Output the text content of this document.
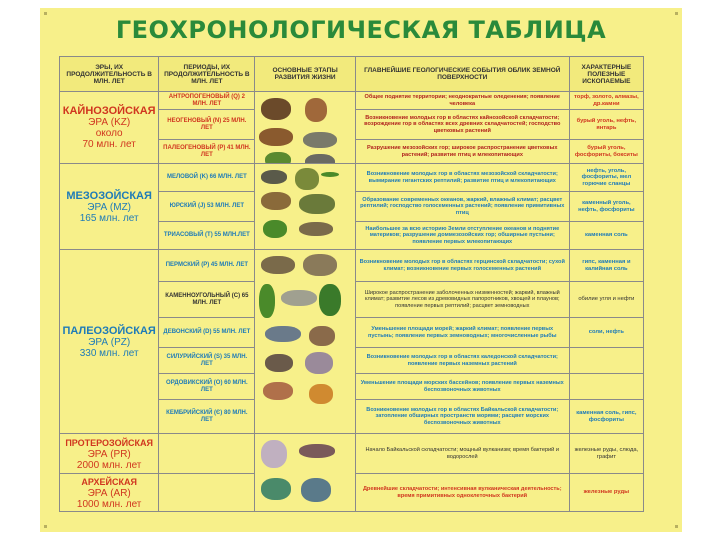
ГЕОХРОНОЛОГИЧЕСКАЯ ТАБЛИЦА
ЭРЫ, ИХ ПРОДОЛЖИТЕЛЬНОСТЬ В МЛН. ЛЕТ	ПЕРИОДЫ, ИХ ПРОДОЛЖИТЕЛЬНОСТЬ В МЛН. ЛЕТ	ОСНОВНЫЕ ЭТАПЫ РАЗВИТИЯ ЖИЗНИ	ГЛАВНЕЙШИЕ ГЕОЛОГИЧЕСКИЕ СОБЫТИЯ ОБЛИК ЗЕМНОЙ ПОВЕРХНОСТИ	ХАРАКТЕРНЫЕ ПОЛЕЗНЫЕ ИСКОПАЕМЫЕ

КАЙНОЗОЙСКАЯ
ЭРА (KZ)
около
70 млн. лет	АНТРОПОГЕНОВЫЙ (Q) 2 МЛН. ЛЕТ		Общее поднятие территории; неоднократные оледенения; появление человека	торф, золото, алмазы, др.камни
	НЕОГЕНОВЫЙ (N) 25 МЛН. ЛЕТ		Возникновение молодых гор в областях кайнозойской складчатости; возрождение гор в областях всех древних складчатостей; господство цветковых растений	бурый уголь, нефть, янтарь
	ПАЛЕОГЕНОВЫЙ (P) 41 МЛН. ЛЕТ		Разрушение мезозойских гор; широкое распространение цветковых растений; развитие птиц и млекопитающих	бурый уголь, фосфориты, бокситы

МЕЗОЗОЙСКАЯ
ЭРА (MZ)
165 млн. лет	МЕЛОВОЙ (K) 66 МЛН. ЛЕТ		Возникновение молодых гор в областях мезозойской складчатости; вымирание гигантских рептилий; развитие птиц и млекопитающих	нефть, уголь, фосфориты, мел горючие сланцы
	ЮРСКИЙ (J) 53 МЛН. ЛЕТ		Образование современных океанов, жаркий, влажный климат; расцвет рептилий; господство голосеменных растений; появление примитивных птиц	каменный уголь, нефть, фосфориты
	ТРИАСОВЫЙ (T) 55 МЛН.ЛЕТ		Наибольшее за всю историю Земли отступление океанов и поднятие материков; разрушение доммезозойских гор; обширные пустыни; появление первых млекопитающих	каменная соль

ПАЛЕОЗОЙСКАЯ
ЭРА (PZ)
330 млн. лет	ПЕРМСКИЙ (P) 45 МЛН. ЛЕТ		Возникновение молодых гор в областях герцинской складчатости; сухой климат; возникновение первых голосеменных растений	гипс, каменная и калийная соль
	КАМЕННОУГОЛЬНЫЙ (C) 65 МЛН. ЛЕТ		Широкое распространение заболоченных низменностей; жаркий, влажный климат; развитие лесов из древовидных папоротников, хвощей и плаунов; появление первых рептилий; расцвет земноводных	обилие угля и нефти
	ДЕВОНСКИЙ (D) 55 МЛН. ЛЕТ		Уменьшение площади морей; жаркий климат; появление первых пустынь; появление первых земноводных; многочисленные рыбы	соли, нефть
	СИЛУРИЙСКИЙ (S) 35 МЛН. ЛЕТ		Возникновение молодых гор в областях каледонской складчатости; появление первых наземных растений	
	ОРДОВИКСКИЙ (O) 60 МЛН. ЛЕТ		Уменьшение площади морских бассейнов; появление первых наземных беспозвоночных животных	
	КЕМБРИЙСКИЙ (Є) 80 МЛН. ЛЕТ		Возникновение молодых гор в областях Байкальской складчатости; затопление обширных пространств морями; расцвет морских беспозвоночных животных	каменная соль, гипс, фосфориты

ПРОТЕРОЗОЙСКАЯ
ЭРА (PR)
2000 млн. лет			Начало Байкальской складчатости; мощный вулканизм; время бактерий и водорослей	железные руды, слюда, графит

АРХЕЙСКАЯ
ЭРА (AR)
1000 млн. лет			Древнейшие складчатости; интенсивная вулканическая деятельность; время примитивных одноклеточных бактерий	железные руды
